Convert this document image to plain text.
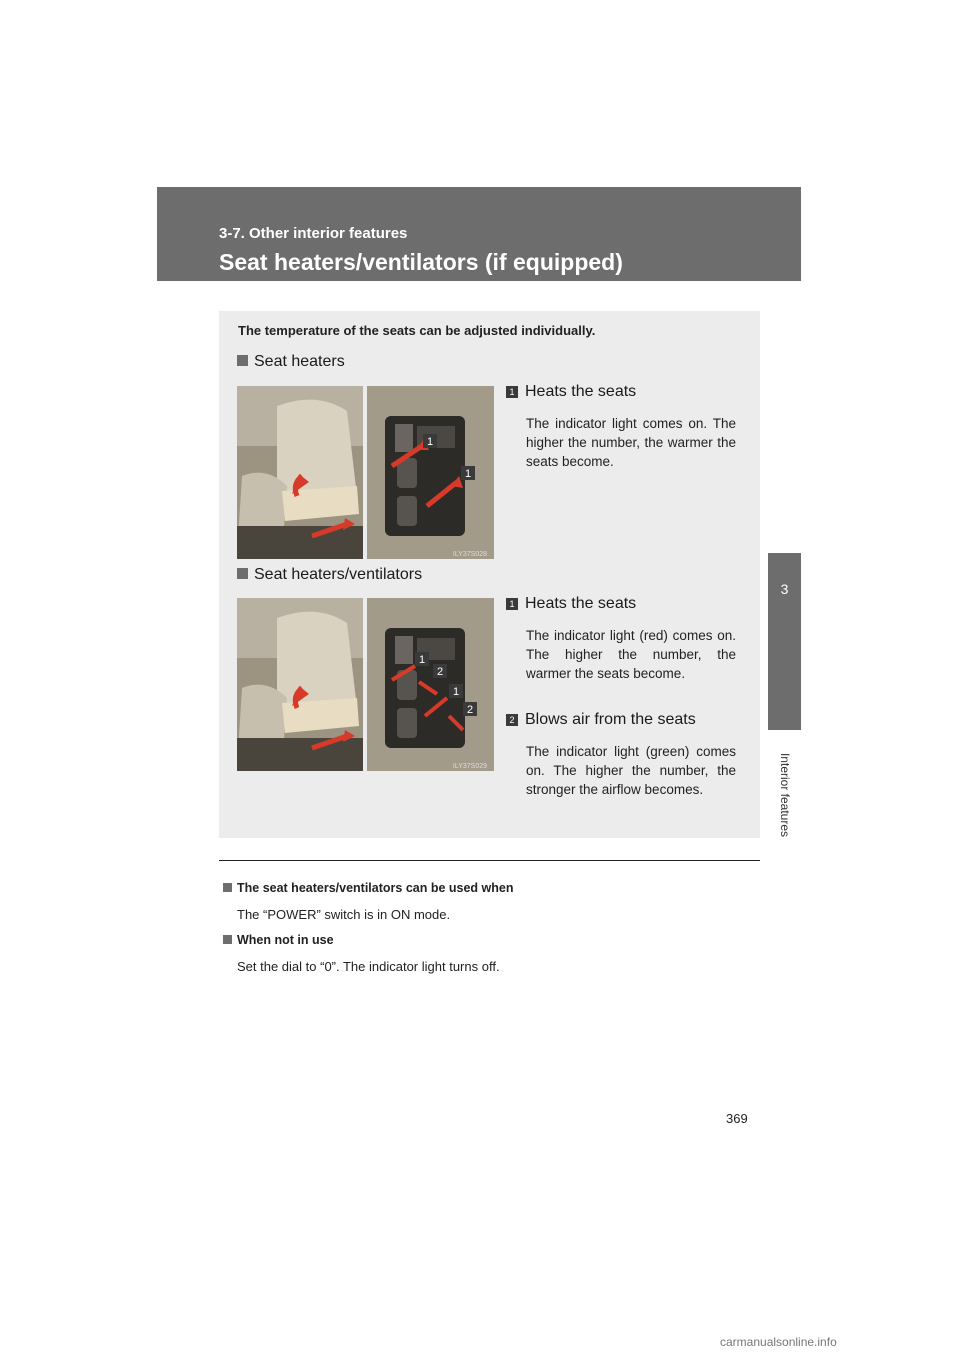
3-7. Other interior features
Seat heaters/ventilators (if equipped)
3
Interior features
The temperature of the seats can be adjusted individually.
Seat heaters
1
1
ILY37S028
1 Heats the seats
The indicator light comes on. The higher the number, the warmer the seats become.
Seat heaters/ventilators
1
2
1
2
ILY37S029
1 Heats the seats
The indicator light (red) comes on. The higher the number, the warmer the seats become.
2 Blows air from the seats
The indicator light (green) comes on. The higher the number, the stronger the airflow becomes.
The seat heaters/ventilators can be used when
The “POWER” switch is in ON mode.
When not in use
Set the dial to “0”. The indicator light turns off.
369
carmanualsonline.info
